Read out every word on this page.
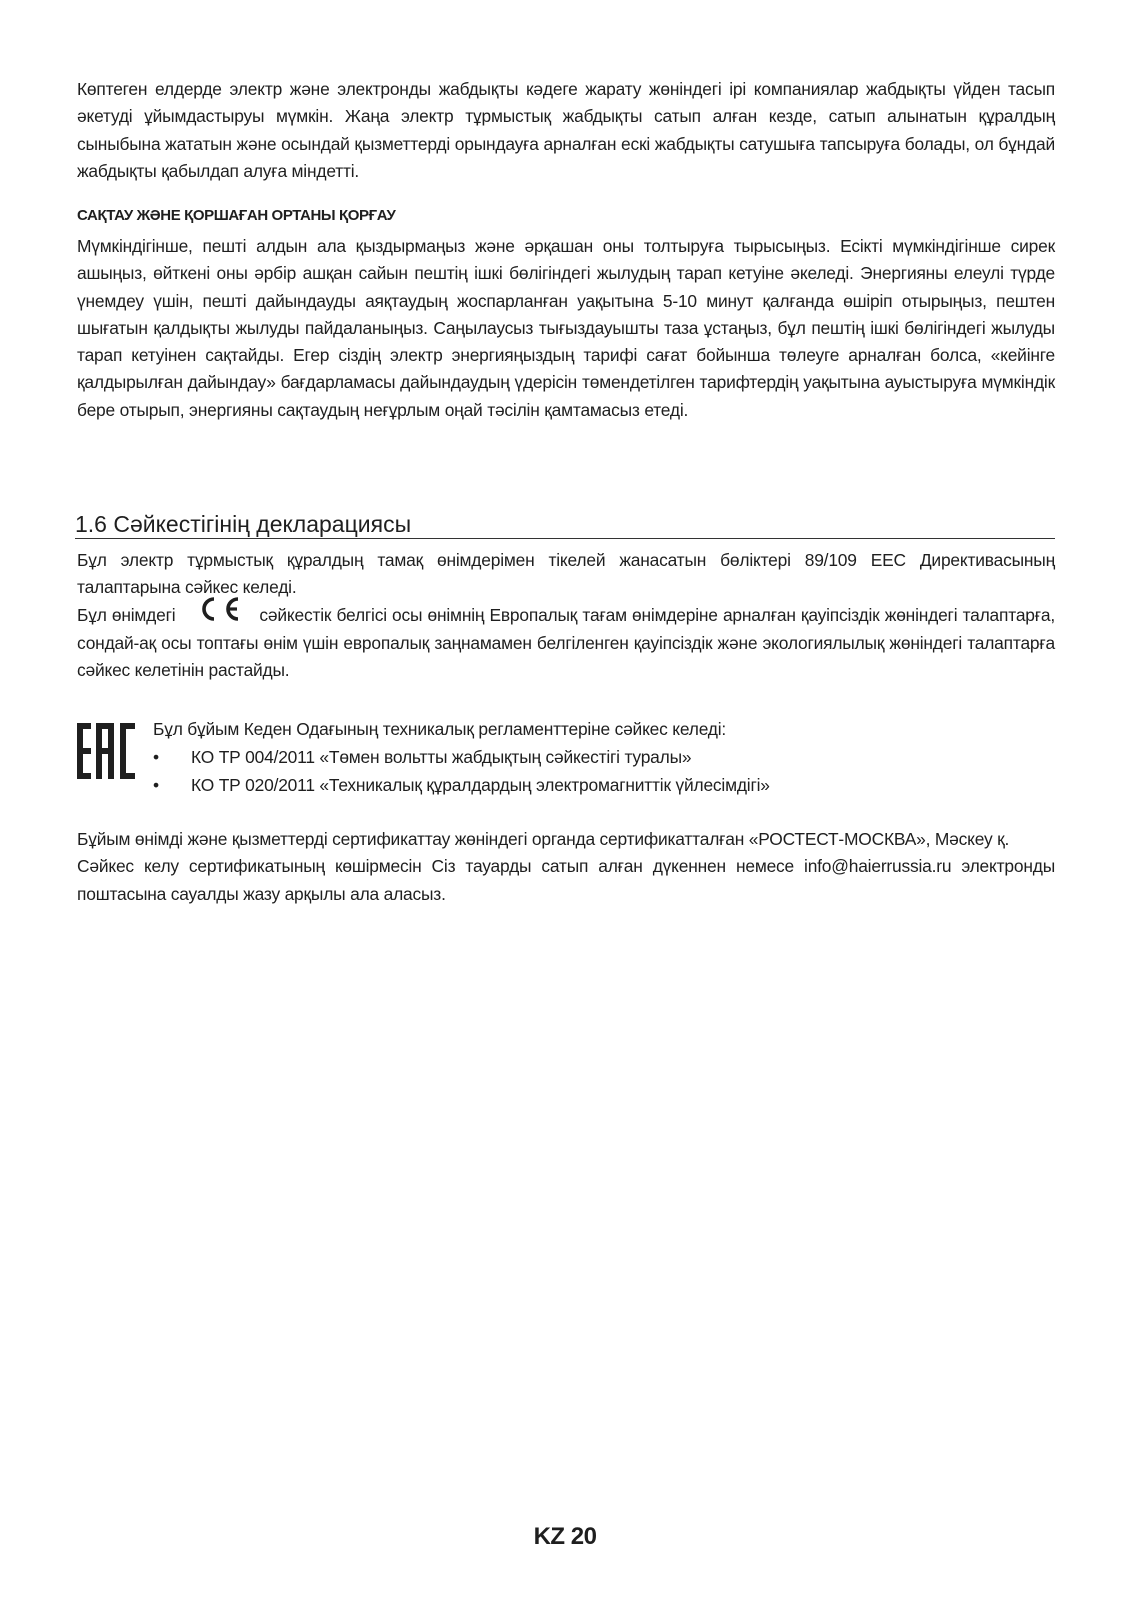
Көптеген елдерде электр және электронды жабдықты кәдеге жарату жөніндегі ірі компаниялар жабдықты үйден тасып әкетуді ұйымдастыруы мүмкін. Жаңа электр тұрмыстық жабдықты сатып алған кезде, сатып алынатын құралдың сыныбына жататын және осындай қызметтерді орындауға арналған ескі жабдықты сатушыға тапсыруға болады, ол бұндай жабдықты қабылдап алуға міндетті.

САҚТАУ ЖӘНЕ ҚОРШАҒАН ОРТАНЫ ҚОРҒАУ

Мүмкіндігінше, пешті алдын ала қыздырмаңыз және әрқашан оны толтыруға тырысыңыз. Есікті мүмкіндігінше сирек ашыңыз, өйткені оны әрбір ашқан сайын пештің ішкі бөлігіндегі жылудың тарап кетуіне әкеледі. Энергияны елеулі түрде үнемдеу үшін, пешті дайындауды аяқтаудың жоспарланған уақытына 5-10 минут қалғанда өшіріп отырыңыз, пештен шығатын қалдықты жылуды пайдаланыңыз. Саңылаусыз тығыздауышты таза ұстаңыз, бұл пештің ішкі бөлігіндегі жылуды тарап кетуінен сақтайды. Егер сіздің электр энергияңыздың тарифі сағат бойынша төлеуге арналған болса, «кейінге қалдырылған дайындау» бағдарламасы дайындаудың үдерісін төмендетілген тарифтердің уақытына ауыстыруға мүмкіндік бере отырып, энергияны сақтаудың неғұрлым оңай тәсілін қамтамасыз етеді.

1.6 Сәйкестігінің декларациясы

Бұл электр тұрмыстық құралдың тамақ өнімдерімен тікелей жанасатын бөліктері 89/109 EEC Директивасының талаптарына сәйкес келеді.

Бұл өнімдегі	сәйкестік белгісі осы өнімнің Европалық тағам өнімдеріне арналған қауіпсіздік жөніндегі талаптарға, сондай-ақ осы топтағы өнім үшін европалық заңнамамен белгіленген қауіпсіздік және экологиялылық жөніндегі талаптарға сәйкес келетінін растайды.

Бұл бұйым Кеден Одағының техникалық регламенттеріне сәйкес келеді:
• КО ТР 004/2011 «Төмен вольтты жабдықтың сәйкестігі туралы»
• КО ТР 020/2011 «Техникалық құралдардың электромагниттік үйлесімдігі»

Бұйым өнімді және қызметтерді сертификаттау жөніндегі органда сертификатталған «РОСТЕСТ-МОСКВА», Мәскеу қ.

Сәйкес келу сертификатының көшірмесін Сіз тауарды сатып алған дүкеннен немесе info@haierrussia.ru электронды поштасына сауалды жазу арқылы ала аласыз.

KZ 20
